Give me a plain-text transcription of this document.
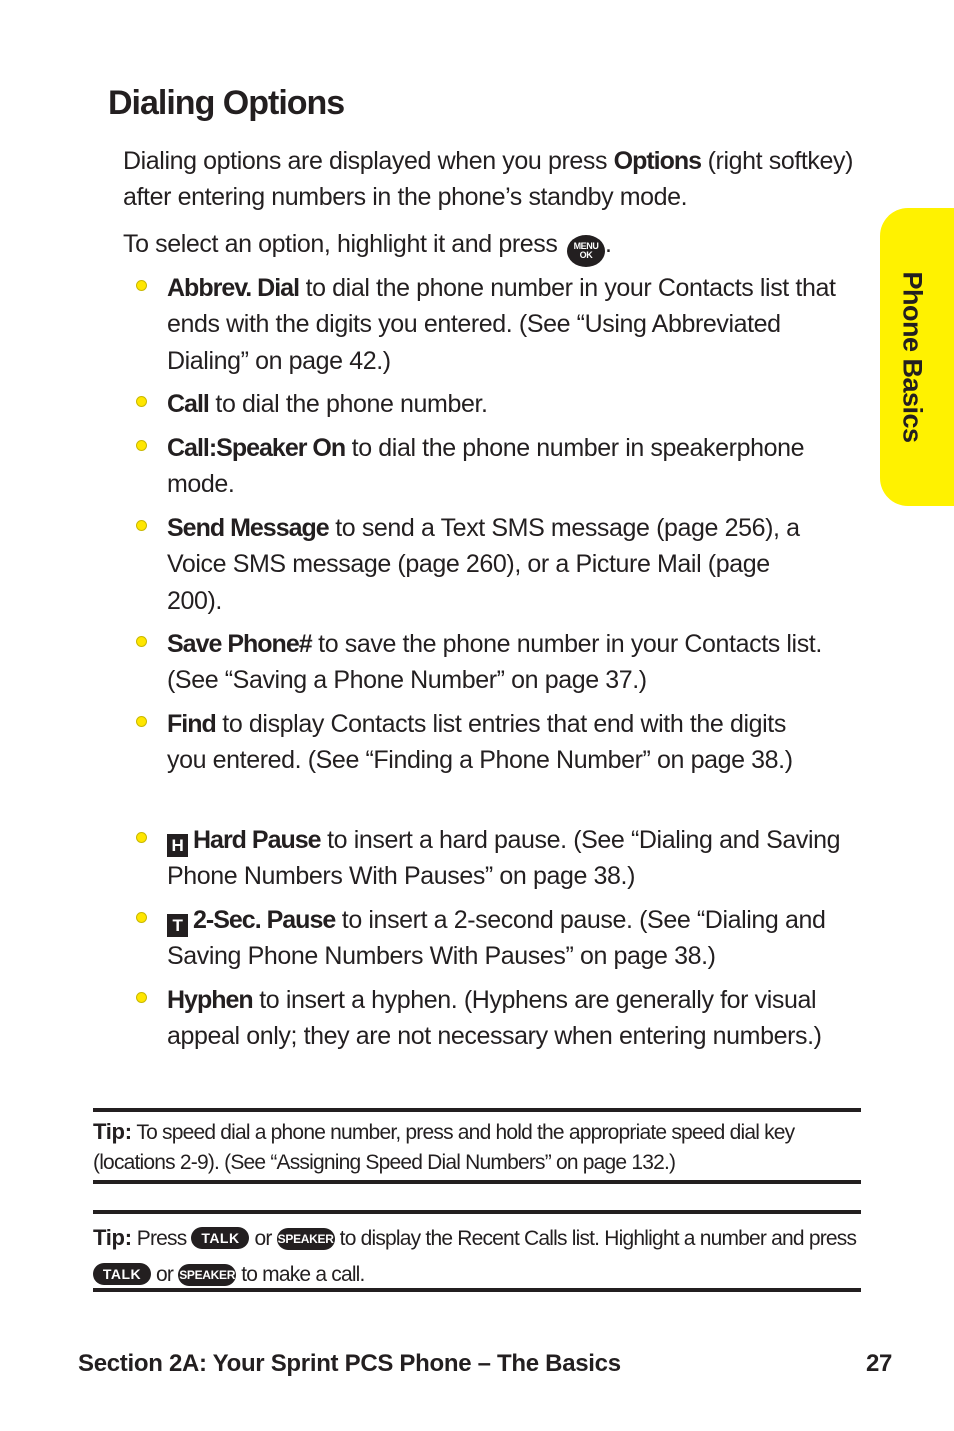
Dialing Options

Dialing options are displayed when you press Options (right softkey) after entering numbers in the phone’s standby mode.

To select an option, highlight it and press MENU
OK .

Abbrev. Dial to dial the phone number in your Contacts list that ends with the digits you entered. (See “Using Abbreviated Dialing” on page 42.)
Call to dial the phone number.
Call:Speaker On to dial the phone number in speakerphone mode.
Send Message to send a Text SMS message (page 256), a Voice SMS message (page 260), or a Picture Mail (page 200).
Save Phone# to save the phone number in your Contacts list. (See “Saving a Phone Number” on page 37.)
Find to display Contacts list entries that end with the digits you entered. (See “Finding a Phone Number” on page 38.)
H Hard Pause to insert a hard pause. (See “Dialing and Saving Phone Numbers With Pauses” on page 38.)
T 2-Sec. Pause to insert a 2-second pause. (See “Dialing and Saving Phone Numbers With Pauses” on page 38.)
Hyphen to insert a hyphen. (Hyphens are generally for visual appeal only; they are not necessary when entering numbers.)
Phone Basics
Tip: To speed dial a phone number, press and hold the appropriate speed dial key (locations 2-9). (See “Assigning Speed Dial Numbers” on page 132.)
Tip: Press TALK or SPEAKER to display the Recent Calls list. Highlight a number and press TALK or SPEAKER to make a call.
Section 2A: Your Sprint PCS Phone – The Basics	27
